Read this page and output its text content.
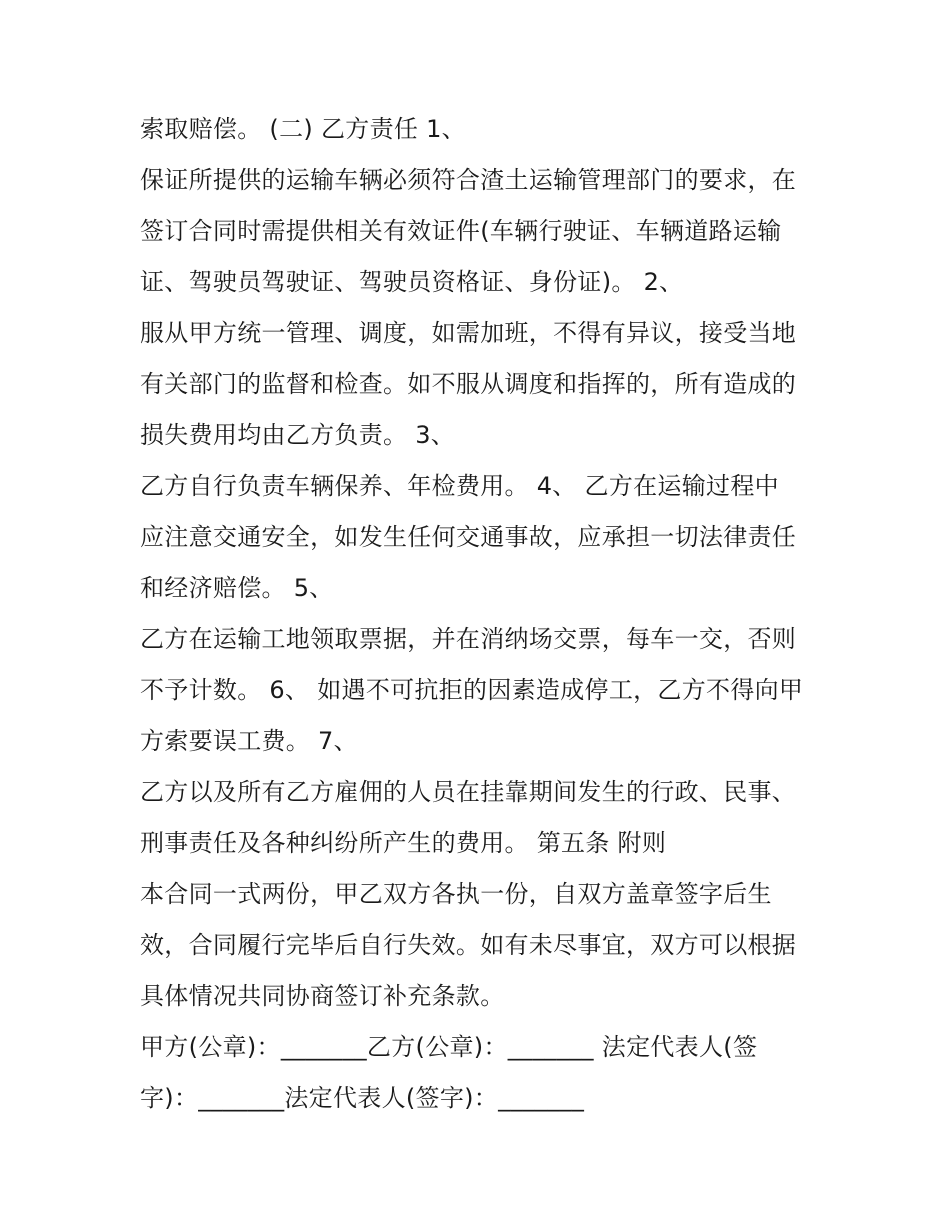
索取赔偿。 (二) 乙方责任 1、
保证所提供的运输车辆必须符合渣土运输管理部门的要求，在
签订合同时需提供相关有效证件(车辆行驶证、车辆道路运输
证、驾驶员驾驶证、驾驶员资格证、身份证)。 2、
服从甲方统一管理、调度，如需加班，不得有异议，接受当地
有关部门的监督和检查。如不服从调度和指挥的，所有造成的
损失费用均由乙方负责。 3、
乙方自行负责车辆保养、年检费用。 4、 乙方在运输过程中
应注意交通安全，如发生任何交通事故，应承担一切法律责任
和经济赔偿。 5、
乙方在运输工地领取票据，并在消纳场交票，每车一交，否则
不予计数。 6、 如遇不可抗拒的因素造成停工，乙方不得向甲
方索要误工费。 7、
乙方以及所有乙方雇佣的人员在挂靠期间发生的行政、民事、
刑事责任及各种纠纷所产生的费用。 第五条 附则
本合同一式两份，甲乙双方各执一份，自双方盖章签字后生
效，合同履行完毕后自行失效。如有未尽事宜，双方可以根据
具体情况共同协商签订补充条款。
甲方(公章)：_______乙方(公章)：_______ 法定代表人(签
字)：_______法定代表人(签字)：_______
